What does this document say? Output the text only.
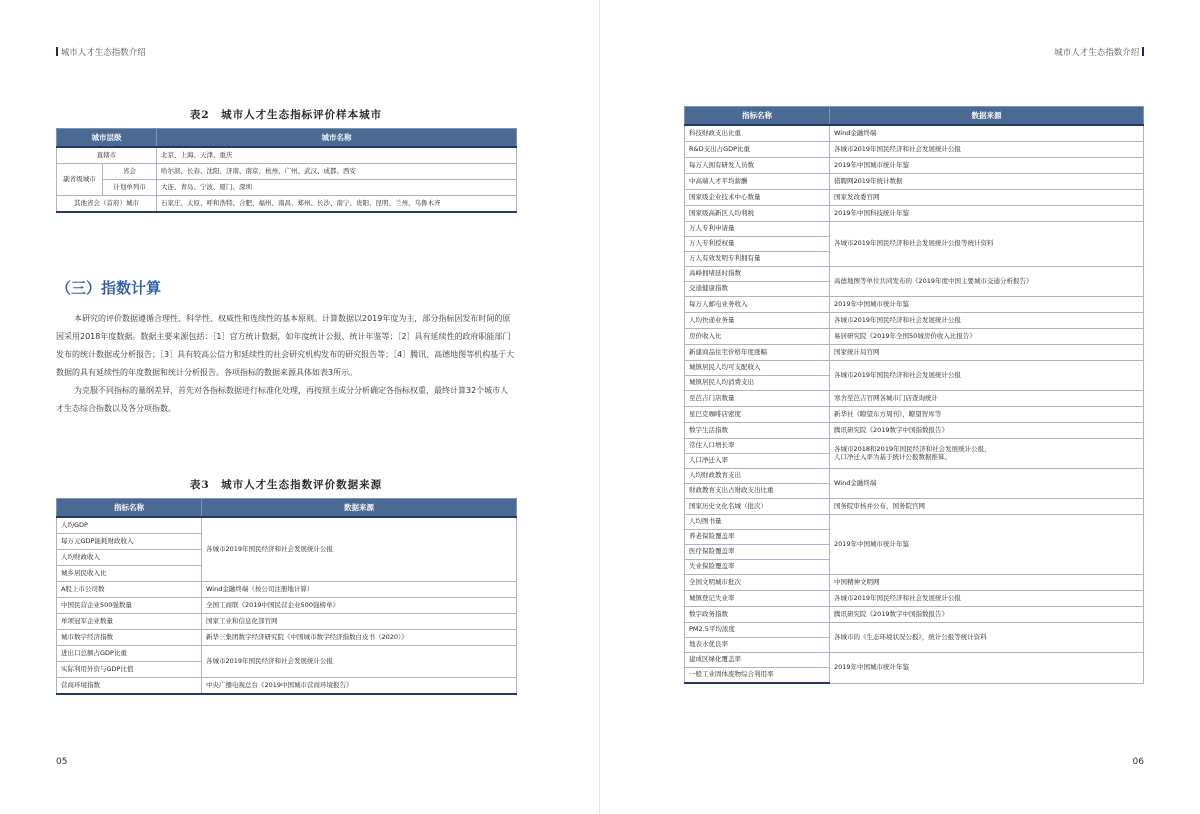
城市人才生态指数介绍
表2　城市人才生态指标评价样本城市
城市层级		城市名称
直辖市		北京、上海、天津、重庆
副省级城市	省会	哈尔滨、长春、沈阳、济南、南京、杭州、广州、武汉、成都、西安
	计划单列市	大连、青岛、宁波、厦门、深圳
其他省会（首府）城市		石家庄、太原、呼和浩特、合肥、福州、南昌、郑州、长沙、南宁、贵阳、昆明、兰州、乌鲁木齐
（三）指数计算

本研究的评价数据遵循合理性、科学性、权威性和连续性的基本原则。计算数据以2019年度为主，部分指标因发布时间的原因采用2018年度数据。数据主要来源包括：［1］官方统计数据，如年度统计公报、统计年鉴等；［2］具有延续性的政府职能部门发布的统计数据或分析报告；［3］具有较高公信力和延续性的社会研究机构发布的研究报告等；［4］腾讯、高德地图等机构基于大数据的具有延续性的年度数据和统计分析报告。各项指标的数据来源具体如表3所示。

为克服不同指标的量纲差异，首先对各指标数据进行标准化处理，再按照主成分分析确定各指标权重，最终计算32个城市人才生态综合指数以及各分项指数。

表3　城市人才生态指数评价数据来源
指标名称	数据来源
人均GDP	各城市2019年国民经济和社会发展统计公报
每万元GDP能耗财政收入	
人均财政收入	
城乡居民收入比	
A股上市公司数	Wind金融终端（按公司注册地计算）
中国民营企业500强数量	全国工商联《2019中国民营企业500强榜单》
单项冠军企业数量	国家工业和信息化部官网
城市数字经济指数	新华三集团数字经济研究院《中国城市数字经济指数白皮书（2020）》
进出口总额占GDP比重	各城市2019年国民经济和社会发展统计公报
实际利用外资与GDP比值	
营商环境指数	中央广播电视总台《2019中国城市营商环境报告》
05
城市人才生态指数介绍
指标名称	数据来源
科技财政支出比重	Wind金融终端
R&D支出占GDP比重	各城市2019年国民经济和社会发展统计公报
每万人拥有研发人员数	2019年中国城市统计年鉴
中高端人才平均薪酬	猎聘网2019年统计数据
国家级企业技术中心数量	国家发改委官网
国家级高新区人均利税	2019年中国科技统计年鉴
万人专利申请量	各城市2019年国民经济和社会发展统计公报等统计资料
万人专利授权量	
万人有效发明专利拥有量	
高峰拥堵延时指数	高德地图等单位共同发布的《2019年度中国主要城市交通分析报告》
交通健康指数	
每万人邮电业务收入	2019年中国城市统计年鉴
人均快递业务量	各城市2019年国民经济和社会发展统计公报
房价收入比	易居研究院《2019年全国50城房价收入比报告》
新建商品住宅价格年度涨幅	国家统计局官网
城镇居民人均可支配收入	各城市2019年国民经济和社会发展统计公报
城镇居民人均消费支出	
至芭吉门店数量	寒舍至芭吉官网各城市门店查询统计
星巴克咖啡店密度	新华社《瞭望东方周刊》，瞭望智库等
数字生活指数	腾讯研究院《2019数字中国指数报告》
常住人口增长率	各城市2018和2019年国民经济和社会发展统计公报，
人口净迁入率为基于统计公报数据推算。
人口净迁入率	
人均财政教育支出	Wind金融终端
财政教育支出占财政支出比重	
国家历史文化名城（批次）	国务院审核并公布，国务院官网
人均图书量	2019年中国城市统计年鉴
养老保险覆盖率	
医疗保险覆盖率	
失业保险覆盖率	
全国文明城市批次	中国精神文明网
城镇登记失业率	各城市2019年国民经济和社会发展统计公报
数字政务指数	腾讯研究院《2019数字中国指数报告》
PM2.5平均浓度	各城市的《生态环境状况公报》，统计公报等统计资料
地表水优良率	
建成区绿化覆盖率	2019年中国城市统计年鉴
一般工业固体废物综合利用率	
06
